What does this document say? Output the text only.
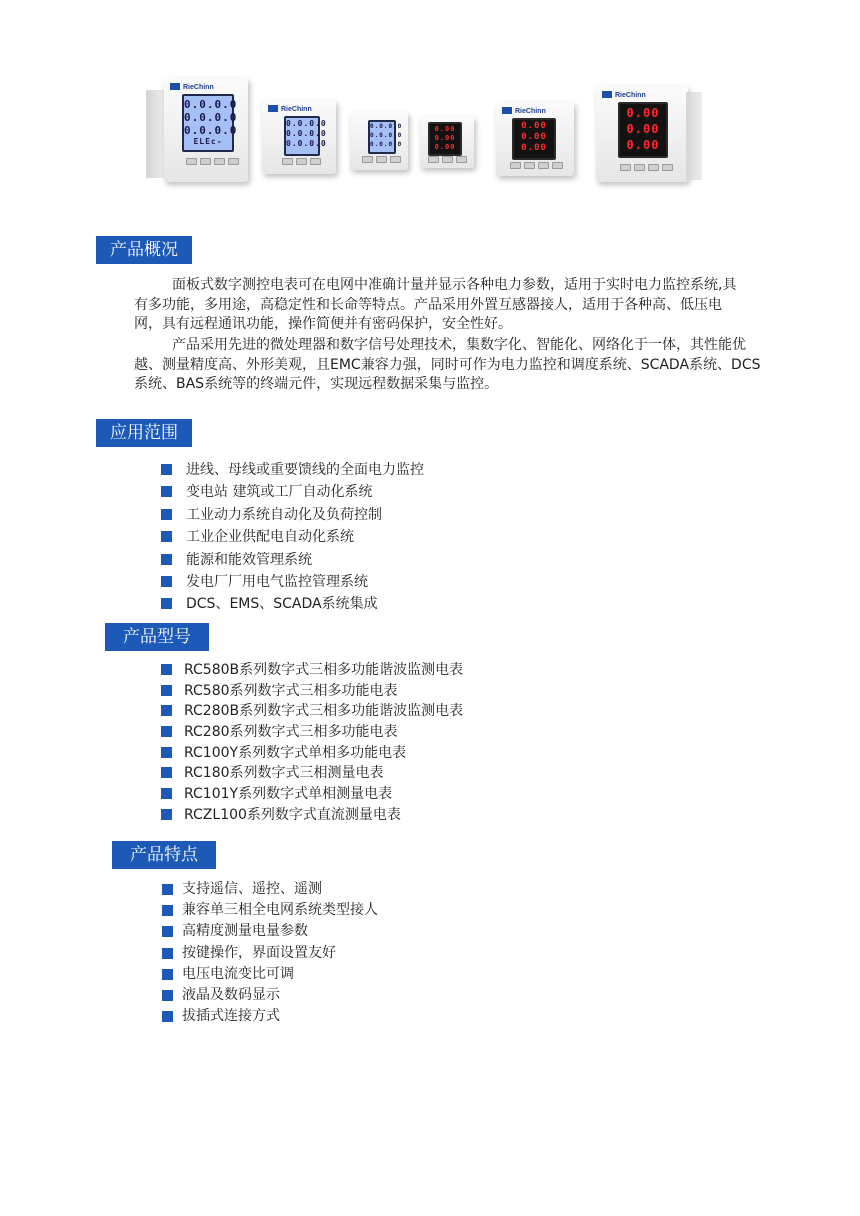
RieChinn
0.0.0.0
0.0.0.0
0.0.0.0
ELEc-
RieChinn
0.0.0.0
0.0.0.0
0.0.0.0
0.0.0.0
0.0.0.0
0.0.0.0
0.00
0.00
0.00
RieChinn
0.00
0.00
0.00
RieChinn
0.00
0.00
0.00
产品概况

面板式数字测控电表可在电网中准确计量并显示各种电力参数，适用于实时电力监控系统,具有多功能，多用途，高稳定性和长命等特点。产品采用外置互感器接人，适用于各种高、低压电网，具有远程通讯功能，操作简便并有密码保护，安全性好。

产品采用先进的微处理器和数字信号处理技术，集数字化、智能化、网络化于一体，其性能优越、测量精度高、外形美观，且EMC兼容力强，同时可作为电力监控和调度系统、SCADA系统、DCS系统、BAS系统等的终端元件，实现远程数据采集与监控。

应用范围
进线、母线或重要馈线的全面电力监控
变电站 建筑或工厂自动化系统
工业动力系统自动化及负荷控制
工业企业供配电自动化系统
能源和能效管理系统
发电厂厂用电气监控管理系统
DCS、EMS、SCADA系统集成
产品型号
RC580B系列数字式三相多功能谐波监测电表
RC580系列数字式三相多功能电表
RC280B系列数字式三相多功能谐波监测电表
RC280系列数字式三相多功能电表
RC100Y系列数字式单相多功能电表
RC180系列数字式三相测量电表
RC101Y系列数字式单相测量电表
RCZL100系列数字式直流测量电表
产品特点
支持遥信、遥控、遥测
兼容单三相全电网系统类型接人
高精度测量电量参数
按键操作，界面设置友好
电压电流变比可调
液晶及数码显示
拔插式连接方式
